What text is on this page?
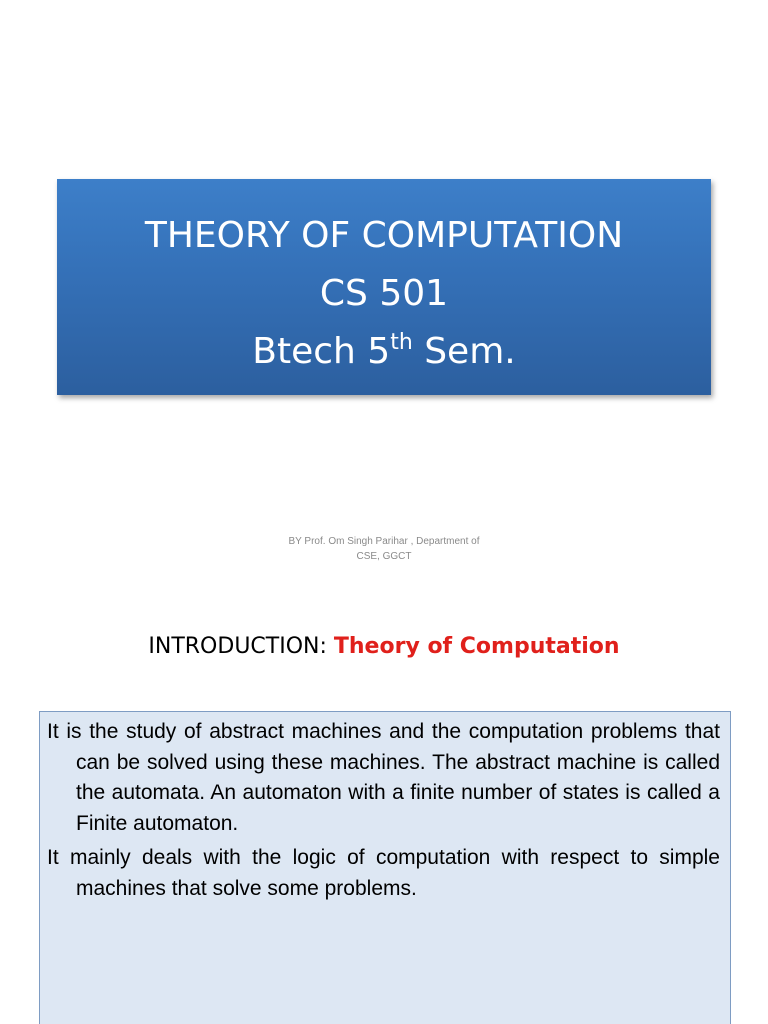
THEORY OF COMPUTATION
CS 501
Btech 5th Sem.
BY Prof. Om Singh Parihar , Department of
CSE, GGCT
INTRODUCTION: Theory of Computation

It is the study of abstract machines and the computation problems that can be solved using these machines. The abstract machine is called the automata. An automaton with a finite number of states is called a Finite automaton.

It mainly deals with the logic of computation with respect to simple machines that solve some problems.
